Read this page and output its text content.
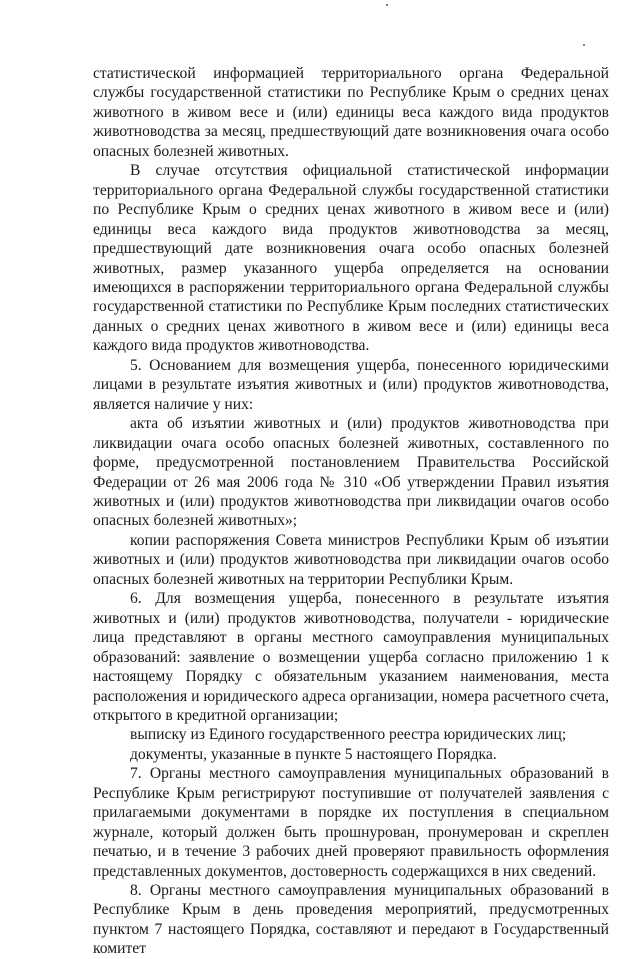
статистической информацией территориального органа Федеральной службы государственной статистики по Республике Крым о средних ценах животного в живом весе и (или) единицы веса каждого вида продуктов животноводства за месяц, предшествующий дате возникновения очага особо опасных болезней животных.

В случае отсутствия официальной статистической информации территориального органа Федеральной службы государственной статистики по Республике Крым о средних ценах животного в живом весе и (или) единицы веса каждого вида продуктов животноводства за месяц, предшествующий дате возникновения очага особо опасных болезней животных, размер указанного ущерба определяется на основании имеющихся в распоряжении территориального органа Федеральной службы государственной статистики по Республике Крым последних статистических данных о средних ценах животного в живом весе и (или) единицы веса каждого вида продуктов животноводства.

5. Основанием для возмещения ущерба, понесенного юридическими лицами в результате изъятия животных и (или) продуктов животноводства, является наличие у них:

акта об изъятии животных и (или) продуктов животноводства при ликвидации очага особо опасных болезней животных, составленного по форме, предусмотренной постановлением Правительства Российской Федерации от 26 мая 2006 года № 310 «Об утверждении Правил изъятия животных и (или) продуктов животноводства при ликвидации очагов особо опасных болезней животных»;

копии распоряжения Совета министров Республики Крым об изъятии животных и (или) продуктов животноводства при ликвидации очагов особо опасных болезней животных на территории Республики Крым.

6. Для возмещения ущерба, понесенного в результате изъятия животных и (или) продуктов животноводства, получатели - юридические лица представляют в органы местного самоуправления муниципальных образований: заявление о возмещении ущерба согласно приложению 1 к настоящему Порядку с обязательным указанием наименования, места расположения и юридического адреса организации, номера расчетного счета, открытого в кредитной организации;

выписку из Единого государственного реестра юридических лиц;

документы, указанные в пункте 5 настоящего Порядка.

7. Органы местного самоуправления муниципальных образований в Республике Крым регистрируют поступившие от получателей заявления с прилагаемыми документами в порядке их поступления в специальном журнале, который должен быть прошнурован, пронумерован и скреплен печатью, и в течение 3 рабочих дней проверяют правильность оформления представленных документов, достоверность содержащихся в них сведений.

8. Органы местного самоуправления муниципальных образований в Республике Крым в день проведения мероприятий, предусмотренных пунктом 7 настоящего Порядка, составляют и передают в Государственный комитет
